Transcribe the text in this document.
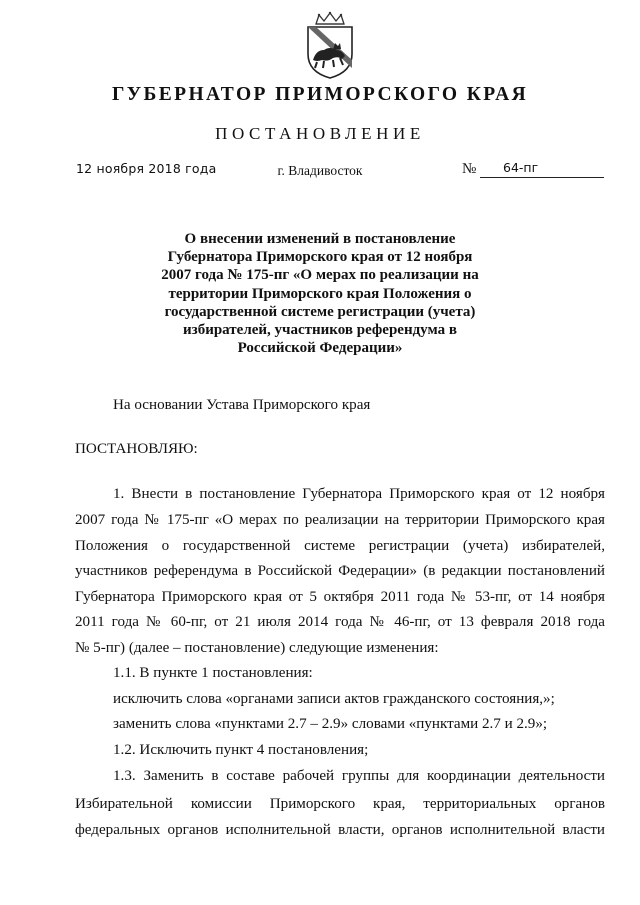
ГУБЕРНАТОР ПРИМОРСКОГО КРАЯ
ПОСТАНОВЛЕНИЕ
12 ноября 2018 года	г. Владивосток	№ 64-пг
О внесении изменений в постановление
Губернатора Приморского края от 12 ноября
2007 года № 175-пг «О мерах по реализации на
территории Приморского края Положения о
государственной системе регистрации (учета)
избирателей, участников референдума в
Российской Федерации»
На основании Устава Приморского края
ПОСТАНОВЛЯЮ:
1. Внести в постановление Губернатора Приморского края от 12 ноября
2007 года № 175-пг «О мерах по реализации на территории Приморского края
Положения о государственной системе регистрации (учета) избирателей,
участников референдума в Российской Федерации» (в редакции постановлений
Губернатора Приморского края от 5 октября 2011 года № 53-пг, от 14 ноября
2011 года № 60-пг, от 21 июля 2014 года № 46-пг, от 13 февраля 2018 года
№ 5-пг) (далее – постановление) следующие изменения:
1.1. В пункте 1 постановления:
исключить слова «органами записи актов гражданского состояния,»;
заменить слова «пунктами 2.7 – 2.9» словами «пунктами 2.7 и 2.9»;
1.2. Исключить пункт 4 постановления;
1.3. Заменить в составе рабочей группы для координации деятельности
Избирательной комиссии Приморского края, территориальных органов
федеральных органов исполнительной власти, органов исполнительной власти
